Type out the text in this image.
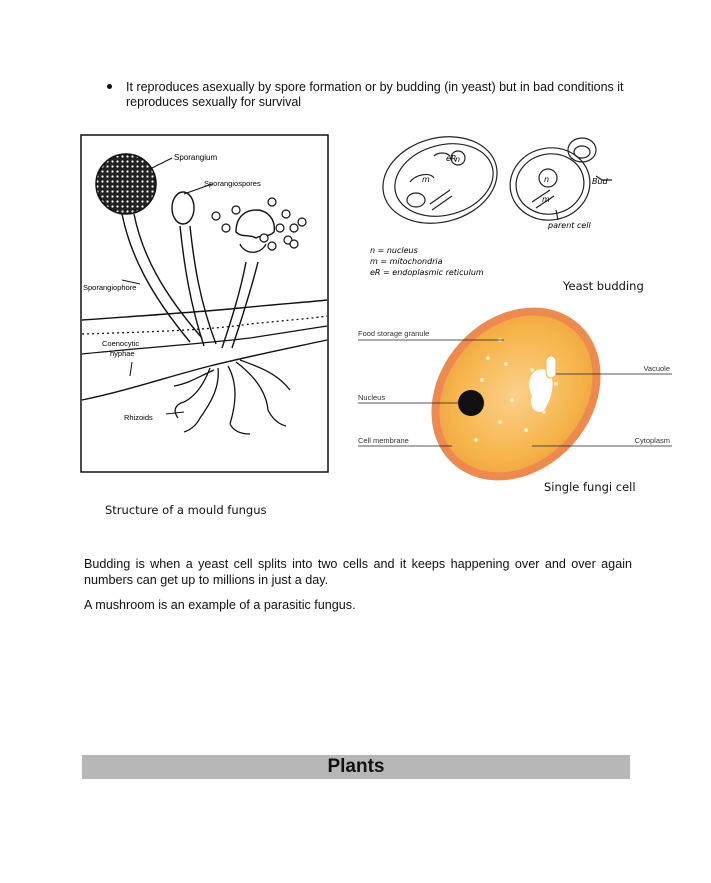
It reproduces asexually by spore formation or by budding (in yeast) but in bad conditions it reproduces sexually for survival
Sporangium
Sporangiospores
Sporangiophore
Coenocytic
hyphae
Rhizoids
Structure of a mould fungus
eR
n
m	n
m
Bud
parent cell
n = nucleus
m = mitochondria
eR = endoplasmic reticulum
Yeast budding
Food storage granule
Vacuole
Nucleus
Cell membrane	Cytoplasm
Single fungi cell
Budding is when a yeast cell splits into two cells and it keeps happening over and over again numbers can get up to millions in just a day.
A mushroom is an example of a parasitic fungus.
Plants
